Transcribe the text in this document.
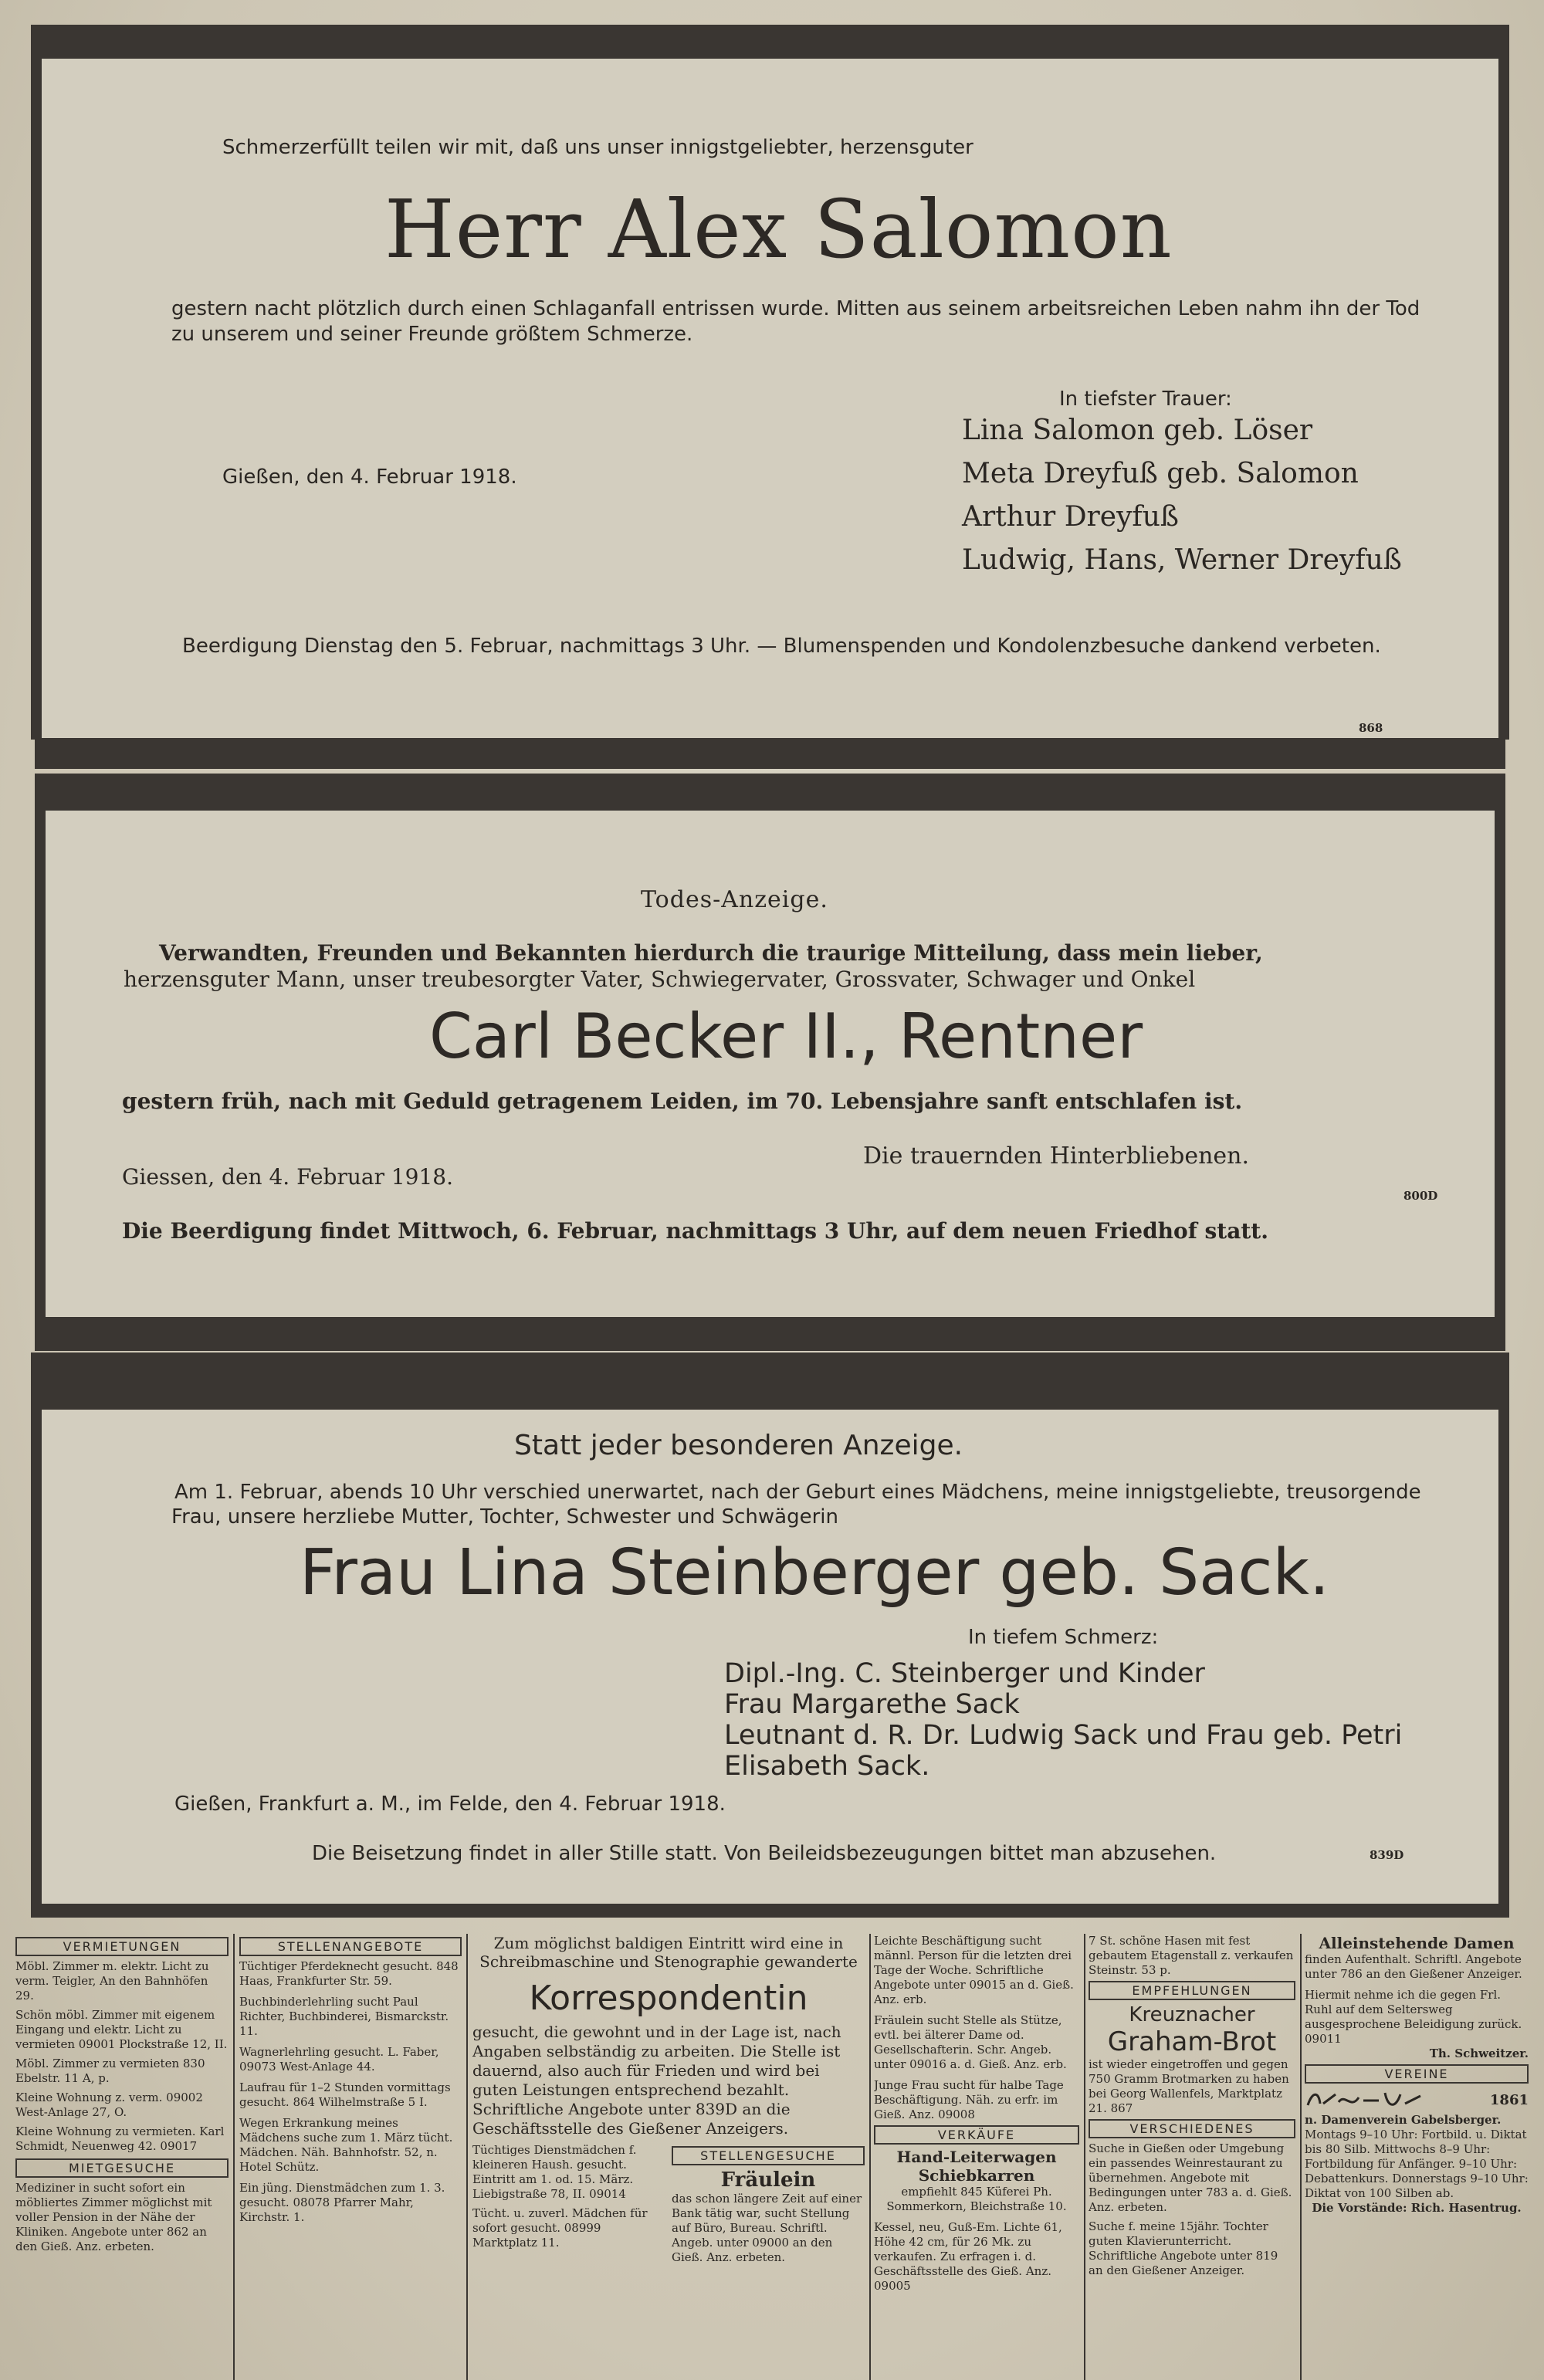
Schmerzerfüllt teilen wir mit, daß uns unser innigstgeliebter, herzensguter
Herr Alex Salomon
gestern nacht plötzlich durch einen Schlaganfall entrissen wurde. Mitten aus seinem arbeitsreichen Leben nahm ihn der Tod
zu unserem und seiner Freunde größtem Schmerze.
In tiefster Trauer:
Lina Salomon geb. Löser
Meta Dreyfuß geb. Salomon
Arthur Dreyfuß
Ludwig, Hans, Werner Dreyfuß
Gießen, den 4. Februar 1918.
Beerdigung Dienstag den 5. Februar, nachmittags 3 Uhr. — Blumenspenden und Kondolenzbesuche dankend verbeten.
868
Todes-Anzeige.
Verwandten, Freunden und Bekannten hierdurch die traurige Mitteilung, dass mein lieber,
herzensguter Mann, unser treubesorgter Vater, Schwiegervater, Grossvater, Schwager und Onkel
Carl Becker II., Rentner
gestern früh, nach mit Geduld getragenem Leiden, im 70. Lebensjahre sanft entschlafen ist.
Die trauernden Hinterbliebenen.
Giessen, den 4. Februar 1918.
800D
Die Beerdigung findet Mittwoch, 6. Februar, nachmittags 3 Uhr, auf dem neuen Friedhof statt.
Statt jeder besonderen Anzeige.
Am 1. Februar, abends 10 Uhr verschied unerwartet, nach der Geburt eines Mädchens, meine innigstgeliebte, treusorgende
Frau, unsere herzliebe Mutter, Tochter, Schwester und Schwägerin
Frau Lina Steinberger geb. Sack.
In tiefem Schmerz:
Dipl.-Ing. C. Steinberger und Kinder
Frau Margarethe Sack
Leutnant d. R. Dr. Ludwig Sack und Frau geb. Petri
Elisabeth Sack.
Gießen, Frankfurt a. M., im Felde, den 4. Februar 1918.
Die Beisetzung findet in aller Stille statt. Von Beileidsbezeugungen bittet man abzusehen.	839D
VERMIETUNGEN
Möbl. Zimmer m. elektr. Licht zu verm. Teigler, An den Bahnhöfen 29.
Schön möbl. Zimmer mit eigenem Eingang und elektr. Licht zu vermieten 09001 Plockstraße 12, II.
Möbl. Zimmer zu vermieten 830 Ebelstr. 11 A, p.
Kleine Wohnung z. verm. 09002 West-Anlage 27, O.
Kleine Wohnung zu vermieten. Karl Schmidt, Neuenweg 42. 09017
MIETGESUCHE
Mediziner in sucht sofort ein möbliertes Zimmer möglichst mit voller Pension in der Nähe der Kliniken. Angebote unter 862 an den Gieß. Anz. erbeten.
STELLENANGEBOTE
Tüchtiger Pferdeknecht gesucht. 848 Haas, Frankfurter Str. 59.
Buchbinderlehrling sucht Paul Richter, Buchbinderei, Bismarckstr. 11.
Wagnerlehrling gesucht. L. Faber, 09073 West-Anlage 44.
Laufrau für 1–2 Stunden vormittags gesucht. 864 Wilhelmstraße 5 I.
Wegen Erkrankung meines Mädchens suche zum 1. März tücht. Mädchen. Näh. Bahnhofstr. 52, n. Hotel Schütz.
Ein jüng. Dienstmädchen zum 1. 3. gesucht. 08078 Pfarrer Mahr, Kirchstr. 1.
Zum möglichst baldigen Eintritt wird eine in Schreibmaschine und Stenographie gewanderte
Korrespondentin
gesucht, die gewohnt und in der Lage ist, nach Angaben selbständig zu arbeiten. Die Stelle ist dauernd, also auch für Frieden und wird bei guten Leistungen entsprechend bezahlt.
Schriftliche Angebote unter 839D an die Geschäftsstelle des Gießener Anzeigers.
Tüchtiges Dienstmädchen f. kleineren Haush. gesucht. Eintritt am 1. od. 15. März. Liebigstraße 78, II. 09014
Tücht. u. zuverl. Mädchen für sofort gesucht. 08999 Marktplatz 11.
STELLENGESUCHE
Fräulein
das schon längere Zeit auf einer Bank tätig war, sucht Stellung auf Büro, Bureau. Schriftl. Angeb. unter 09000 an den Gieß. Anz. erbeten.
Leichte Beschäftigung sucht männl. Person für die letzten drei Tage der Woche. Schriftliche Angebote unter 09015 an d. Gieß. Anz. erb.
Fräulein sucht Stelle als Stütze, evtl. bei älterer Dame od. Gesellschafterin. Schr. Angeb. unter 09016 a. d. Gieß. Anz. erb.
Junge Frau sucht für halbe Tage Beschäftigung. Näh. zu erfr. im Gieß. Anz. 09008
VERKÄUFE
Hand-Leiterwagen Schiebkarren
empfiehlt 845 Küferei Ph. Sommerkorn, Bleichstraße 10.
Kessel, neu, Guß-Em. Lichte 61, Höhe 42 cm, für 26 Mk. zu verkaufen. Zu erfragen i. d. Geschäftsstelle des Gieß. Anz. 09005
7 St. schöne Hasen mit fest gebautem Etagenstall z. verkaufen Steinstr. 53 p.
EMPFEHLUNGEN
Kreuznacher
Graham-Brot
ist wieder eingetroffen und gegen 750 Gramm Brotmarken zu haben bei Georg Wallenfels, Marktplatz 21. 867
VERSCHIEDENES
Suche in Gießen oder Umgebung ein passendes Weinrestaurant zu übernehmen. Angebote mit Bedingungen unter 783 a. d. Gieß. Anz. erbeten.
Suche f. meine 15jähr. Tochter guten Klavierunterricht. Schriftliche Angebote unter 819 an den Gießener Anzeiger.
Alleinstehende Damen
finden Aufenthalt. Schriftl. Angebote unter 786 an den Gießener Anzeiger.
Hiermit nehme ich die gegen Frl. Ruhl auf dem Seltersweg ausgesprochene Beleidigung zurück. 09011
Th. Schweitzer.
VEREINE
1861
n. Damenverein Gabelsberger.
Montags 9–10 Uhr: Fortbild. u. Diktat bis 80 Silb. Mittwochs 8–9 Uhr: Fortbildung für Anfänger. 9–10 Uhr: Debattenkurs. Donnerstags 9–10 Uhr: Diktat von 100 Silben ab.
Die Vorstände: Rich. Hasentrug.
